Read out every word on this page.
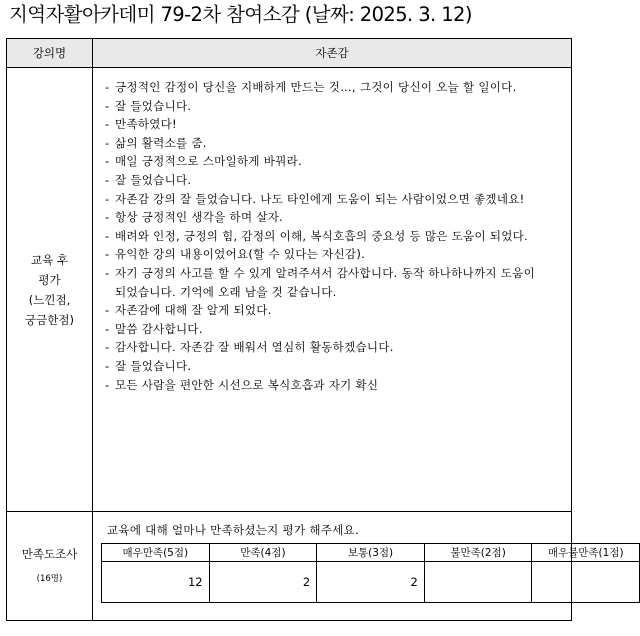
지역자활아카데미 79-2차 참여소감 (날짜: 2025. 3. 12)
강의명	자존감
교육 후
평가
(느낀점,
궁금한점)	
- 긍정적인 감정이 당신을 지배하게 만드는 것…, 그것이 당신이 오늘 할 일이다.
- 잘 들었습니다.
- 만족하였다!
- 삶의 활력소를 줌.
- 매일 긍정적으로 스마일하게 바꿔라.
- 잘 들었습니다.
- 자존감 강의 잘 들었습니다. 나도 타인에게 도움이 되는 사람이었으면 좋겠네요!
- 항상 긍정적인 생각을 하며 살자.
- 배려와 인정, 긍정의 힘, 감정의 이해, 복식호흡의 중요성 등 많은 도움이 되었다.
- 유익한 강의 내용이었어요(할 수 있다는 자신감).
- 자기 긍정의 사고를 할 수 있게 알려주셔서 감사합니다. 동작 하나하나까지 도움이 되었습니다. 기억에 오래 남을 것 같습니다.
- 자존감에 대해 잘 알게 되었다.
- 말씀 감사합니다.
- 감사합니다. 자존감 잘 배워서 열심히 활동하겠습니다.
- 잘 들었습니다.
- 모든 사람을 편안한 시선으로 복식호흡과 자기 확신

만족도조사
(16명)

교육에 대해 얼마나 만족하셨는지 평가 해주세요.
매우만족(5점)	만족(4점)	보통(3점)	불만족(2점)	매우불만족(1점)
12	2	2		
